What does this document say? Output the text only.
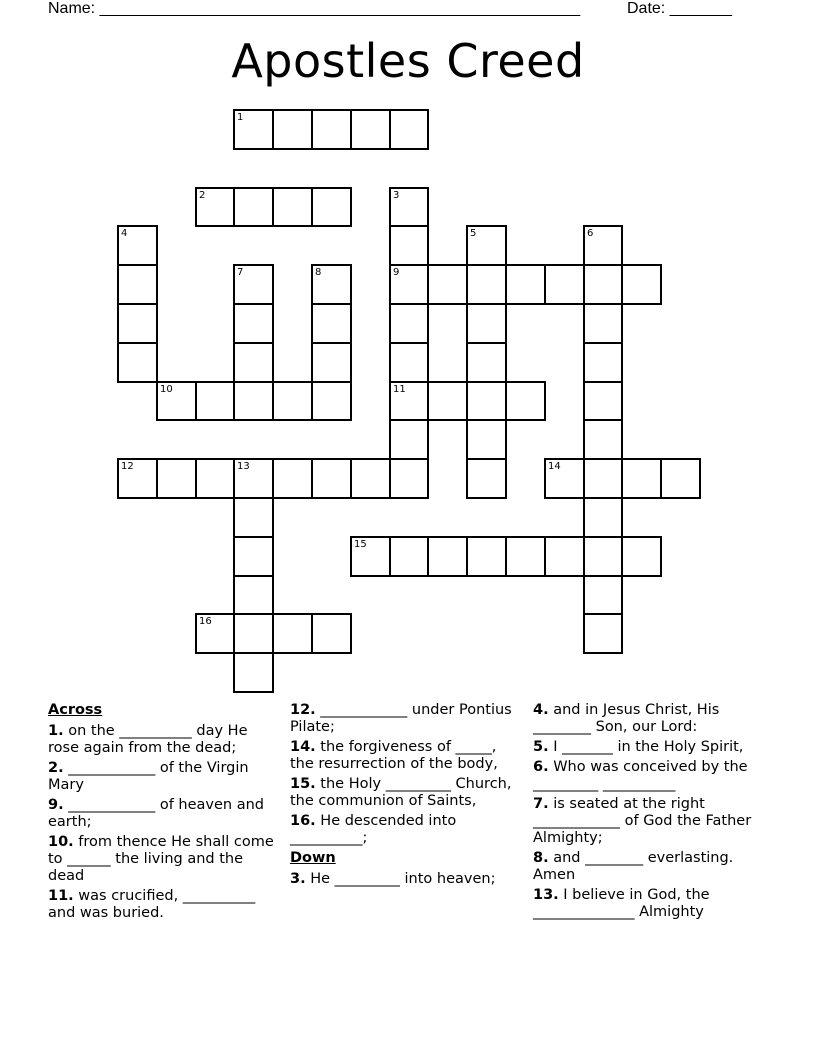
Name: ______________________________________________________	Date: _______
Apostles Creed
1
2	3
9
11
4	5	6
7	8
10
12	13	14
15
16
Across
1. on the __________ day He rose again from the dead;
2. ____________ of the Virgin Mary
9. ____________ of heaven and earth;
10. from thence He shall come to ______ the living and the dead
11. was crucified, __________ and was buried.
12. ____________ under Pontius Pilate;
14. the forgiveness of _____, the resurrection of the body,
15. the Holy _________ Church, the communion of Saints,
16. He descended into __________;
Down
3. He _________ into heaven;
4. and in Jesus Christ, His ________ Son, our Lord:
5. I _______ in the Holy Spirit,
6. Who was conceived by the _________ __________
7. is seated at the right ____________ of God the Father Almighty;
8. and ________ everlasting. Amen
13. I believe in God, the ______________ Almighty
